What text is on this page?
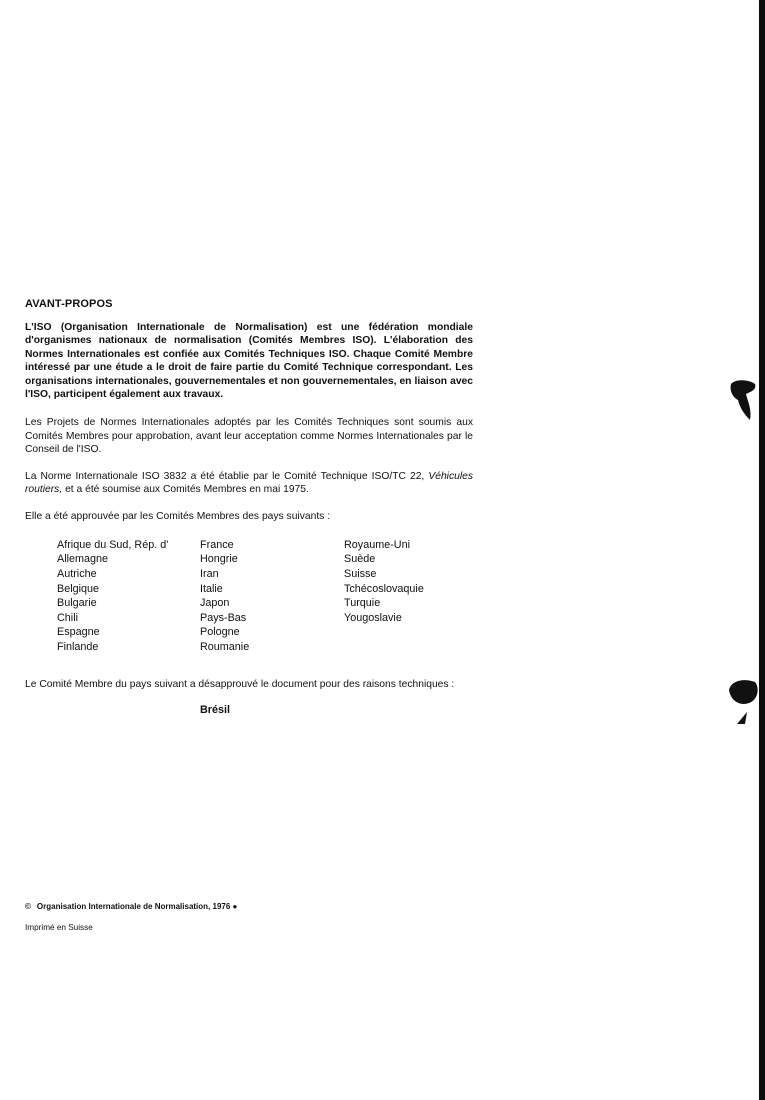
AVANT-PROPOS

L'ISO (Organisation Internationale de Normalisation) est une fédération mondiale d'organismes nationaux de normalisation (Comités Membres ISO). L'élaboration des Normes Internationales est confiée aux Comités Techniques ISO. Chaque Comité Membre intéressé par une étude a le droit de faire partie du Comité Technique correspondant. Les organisations internationales, gouvernementales et non gouvernementales, en liaison avec l'ISO, participent également aux travaux.

Les Projets de Normes Internationales adoptés par les Comités Techniques sont soumis aux Comités Membres pour approbation, avant leur acceptation comme Normes Internationales par le Conseil de l'ISO.

La Norme Internationale ISO 3832 a été établie par le Comité Technique ISO/TC 22, Véhicules routiers, et a été soumise aux Comités Membres en mai 1975.

Elle a été approuvée par les Comités Membres des pays suivants :

Afrique du Sud, Rép. d'
Allemagne
Autriche
Belgique
Bulgarie
Chili
Espagne
Finlande
France
Hongrie
Iran
Italie
Japon
Pays-Bas
Pologne
Roumanie
Royaume-Uni
Suède
Suisse
Tchécoslovaquie
Turquie
Yougoslavie

Le Comité Membre du pays suivant a désapprouvé le document pour des raisons techniques :

Brésil
© Organisation Internationale de Normalisation, 1976 ●
Imprimé en Suisse
